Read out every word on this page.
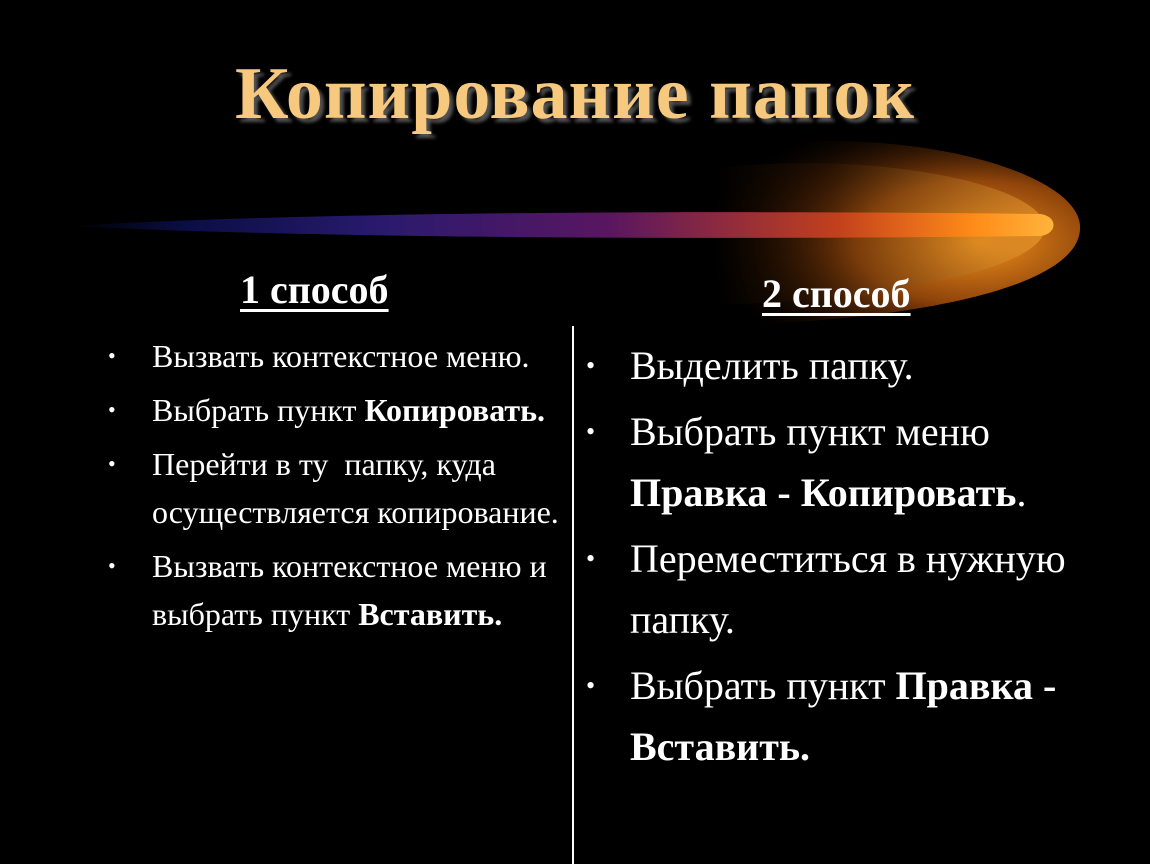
Копирование папок
1 способ	2 способ
• Вызвать контекстное меню.
• Выбрать пункт Копировать.
• Перейти в ту  папку, куда осуществляется копирование.
• Вызвать контекстное меню и выбрать пункт Вставить.
• Выделить папку.
• Выбрать пункт меню Правка - Копировать.
• Переместиться в нужную папку.
• Выбрать пункт Правка - Вставить.
